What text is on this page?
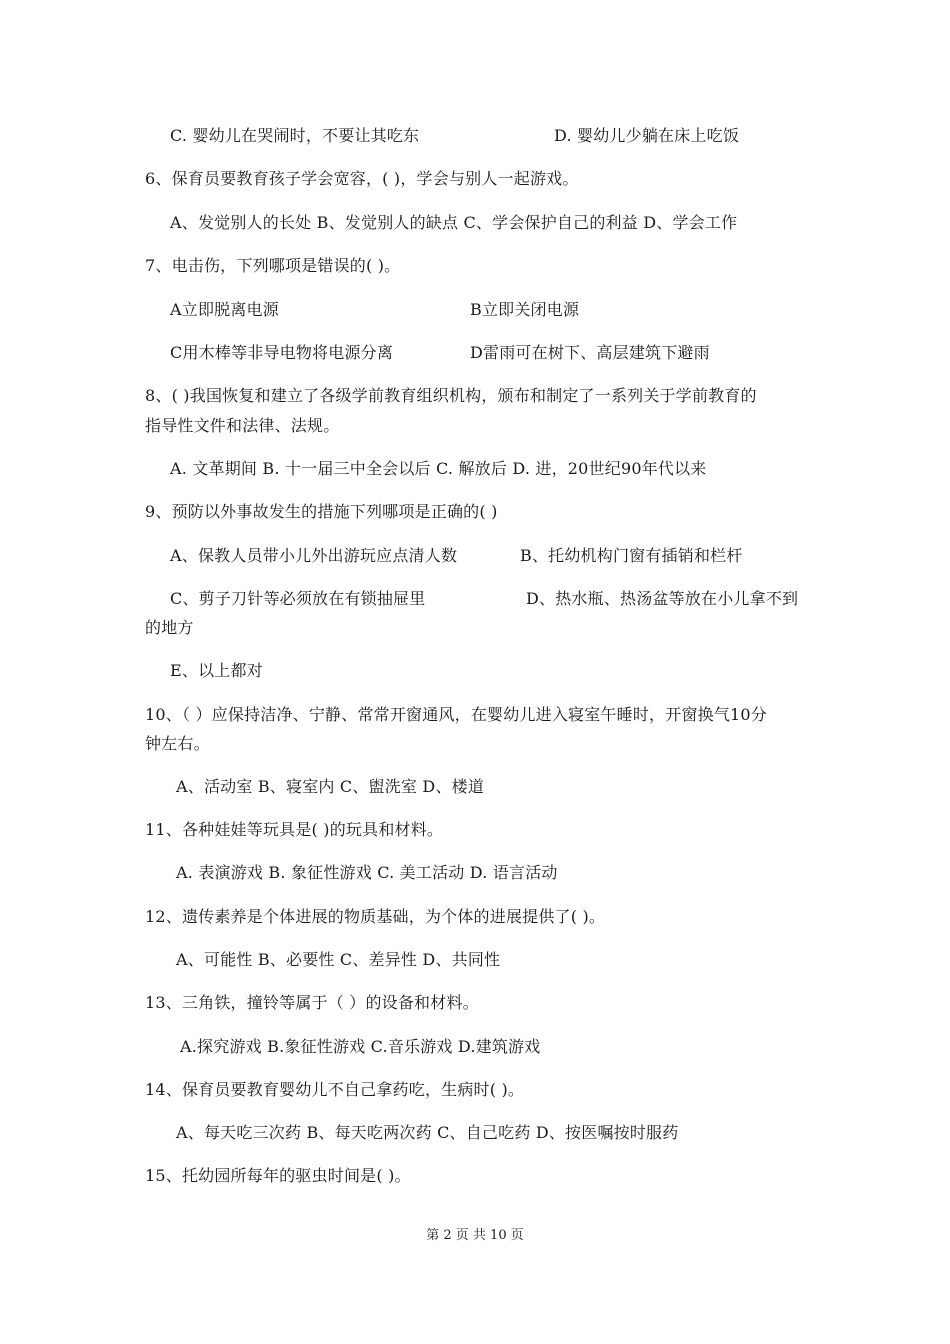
C. 婴幼儿在哭闹时，不要让其吃东	D. 婴幼儿少躺在床上吃饭
6、保育员要教育孩子学会宽容，( )，学会与别人一起游戏。
A、发觉别人的长处 B、发觉别人的缺点 C、学会保护自己的利益 D、学会工作
7、电击伤，下列哪项是错误的( )。
A立即脱离电源	B立即关闭电源
C用木棒等非导电物将电源分离	D雷雨可在树下、高层建筑下避雨
8、( )我国恢复和建立了各级学前教育组织机构，颁布和制定了一系列关于学前教育的
指导性文件和法律、法规。
A. 文革期间 B. 十一届三中全会以后 C. 解放后 D. 进，20世纪90年代以来
9、预防以外事故发生的措施下列哪项是正确的( )
A、保教人员带小儿外出游玩应点清人数	B、托幼机构门窗有插销和栏杆
C、剪子刀针等必须放在有锁抽屉里	D、热水瓶、热汤盆等放在小儿拿不到
的地方
E、以上都对
10、（ ）应保持洁净、宁静、常常开窗通风，在婴幼儿进入寝室午睡时，开窗换气10分
钟左右。
A、活动室 B、寝室内 C、盥洗室 D、楼道
11、各种娃娃等玩具是( )的玩具和材料。
A. 表演游戏 B. 象征性游戏 C. 美工活动 D. 语言活动
12、遗传素养是个体进展的物质基础，为个体的进展提供了( )。
A、可能性 B、必要性 C、差异性 D、共同性
13、三角铁，撞铃等属于（ ）的设备和材料。
A.探究游戏 B.象征性游戏 C.音乐游戏 D.建筑游戏
14、保育员要教育婴幼儿不自己拿药吃，生病时( )。
A、每天吃三次药 B、每天吃两次药 C、自己吃药 D、按医嘱按时服药
15、托幼园所每年的驱虫时间是( )。
第 2 页 共 10 页
